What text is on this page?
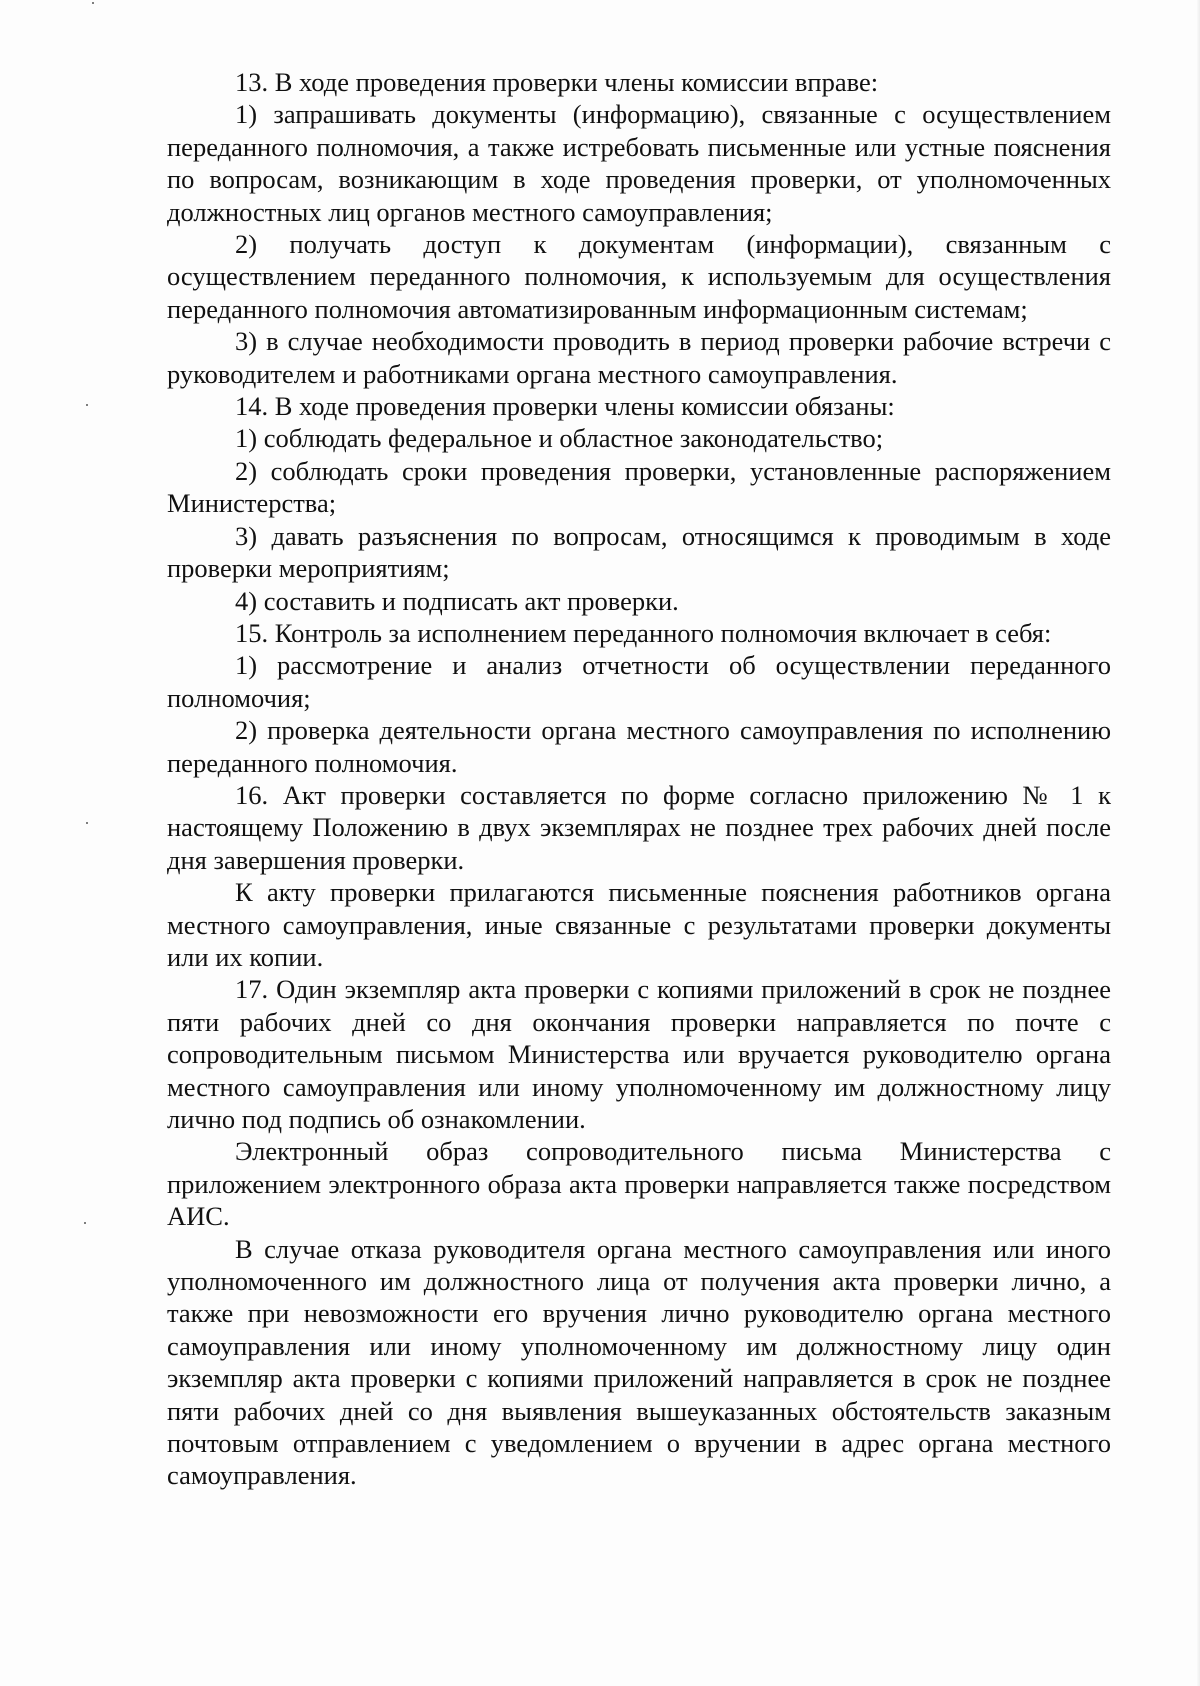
13. В ходе проведения проверки члены комиссии вправе:

1) запрашивать документы (информацию), связанные с осуществлением переданного полномочия, а также истребовать письменные или устные пояснения по вопросам, возникающим в ходе проведения проверки, от уполномоченных должностных лиц органов местного самоуправления;

2) получать доступ к документам (информации), связанным с осуществлением переданного полномочия, к используемым для осуществления переданного полномочия автоматизированным информационным системам;

3) в случае необходимости проводить в период проверки рабочие встречи с руководителем и работниками органа местного самоуправления.

14. В ходе проведения проверки члены комиссии обязаны:

1) соблюдать федеральное и областное законодательство;

2) соблюдать сроки проведения проверки, установленные распоряжением Министерства;

3) давать разъяснения по вопросам, относящимся к проводимым в ходе проверки мероприятиям;

4) составить и подписать акт проверки.

15. Контроль за исполнением переданного полномочия включает в себя:

1) рассмотрение и анализ отчетности об осуществлении переданного полномочия;

2) проверка деятельности органа местного самоуправления по исполнению переданного полномочия.

16. Акт проверки составляется по форме согласно приложению № 1 к настоящему Положению в двух экземплярах не позднее трех рабочих дней после дня завершения проверки.

К акту проверки прилагаются письменные пояснения работников органа местного самоуправления, иные связанные с результатами проверки документы или их копии.

17. Один экземпляр акта проверки с копиями приложений в срок не позднее пяти рабочих дней со дня окончания проверки направляется по почте с сопроводительным письмом Министерства или вручается руководителю органа местного самоуправления или иному уполномоченному им должностному лицу лично под подпись об ознакомлении.

Электронный образ сопроводительного письма Министерства с приложением электронного образа акта проверки направляется также посредством АИС.

В случае отказа руководителя органа местного самоуправления или иного уполномоченного им должностного лица от получения акта проверки лично, а также при невозможности его вручения лично руководителю органа местного самоуправления или иному уполномоченному им должностному лицу один экземпляр акта проверки с копиями приложений направляется в срок не позднее пяти рабочих дней со дня выявления вышеуказанных обстоятельств заказным почтовым отправлением с уведомлением о вручении в адрес органа местного самоуправления.
